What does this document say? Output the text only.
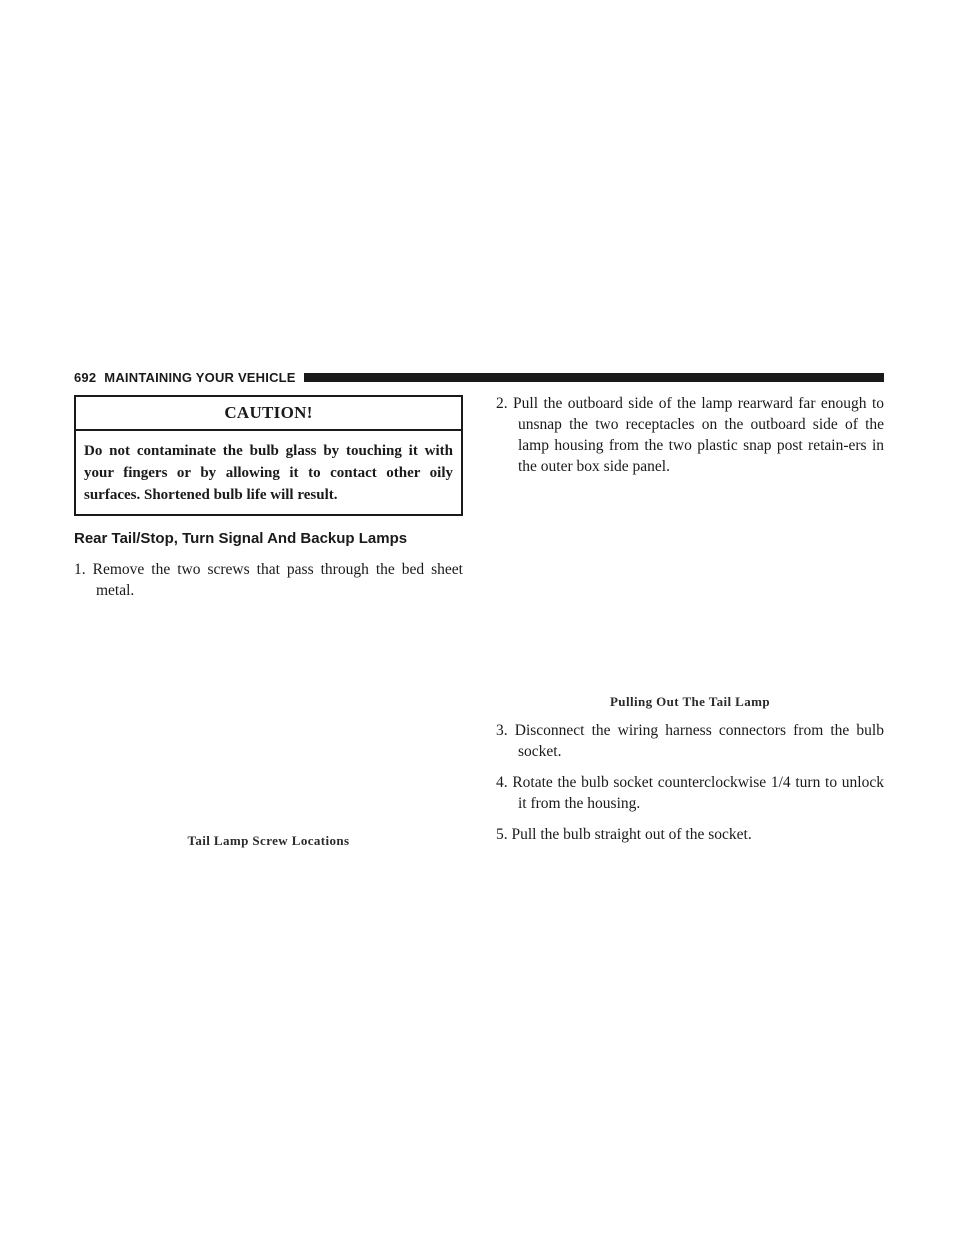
692 MAINTAINING YOUR VEHICLE
CAUTION!
Do not contaminate the bulb glass by touching it with your fingers or by allowing it to contact other oily surfaces. Shortened bulb life will result.
Rear Tail/Stop, Turn Signal And Backup Lamps

1. Remove the two screws that pass through the bed sheet metal.

Tail Lamp Screw Locations

2. Pull the outboard side of the lamp rearward far enough to unsnap the two receptacles on the outboard side of the lamp housing from the two plastic snap post retain-ers in the outer box side panel.

Pulling Out The Tail Lamp

3. Disconnect the wiring harness connectors from the bulb socket.

4. Rotate the bulb socket counterclockwise 1/4 turn to unlock it from the housing.

5. Pull the bulb straight out of the socket.
